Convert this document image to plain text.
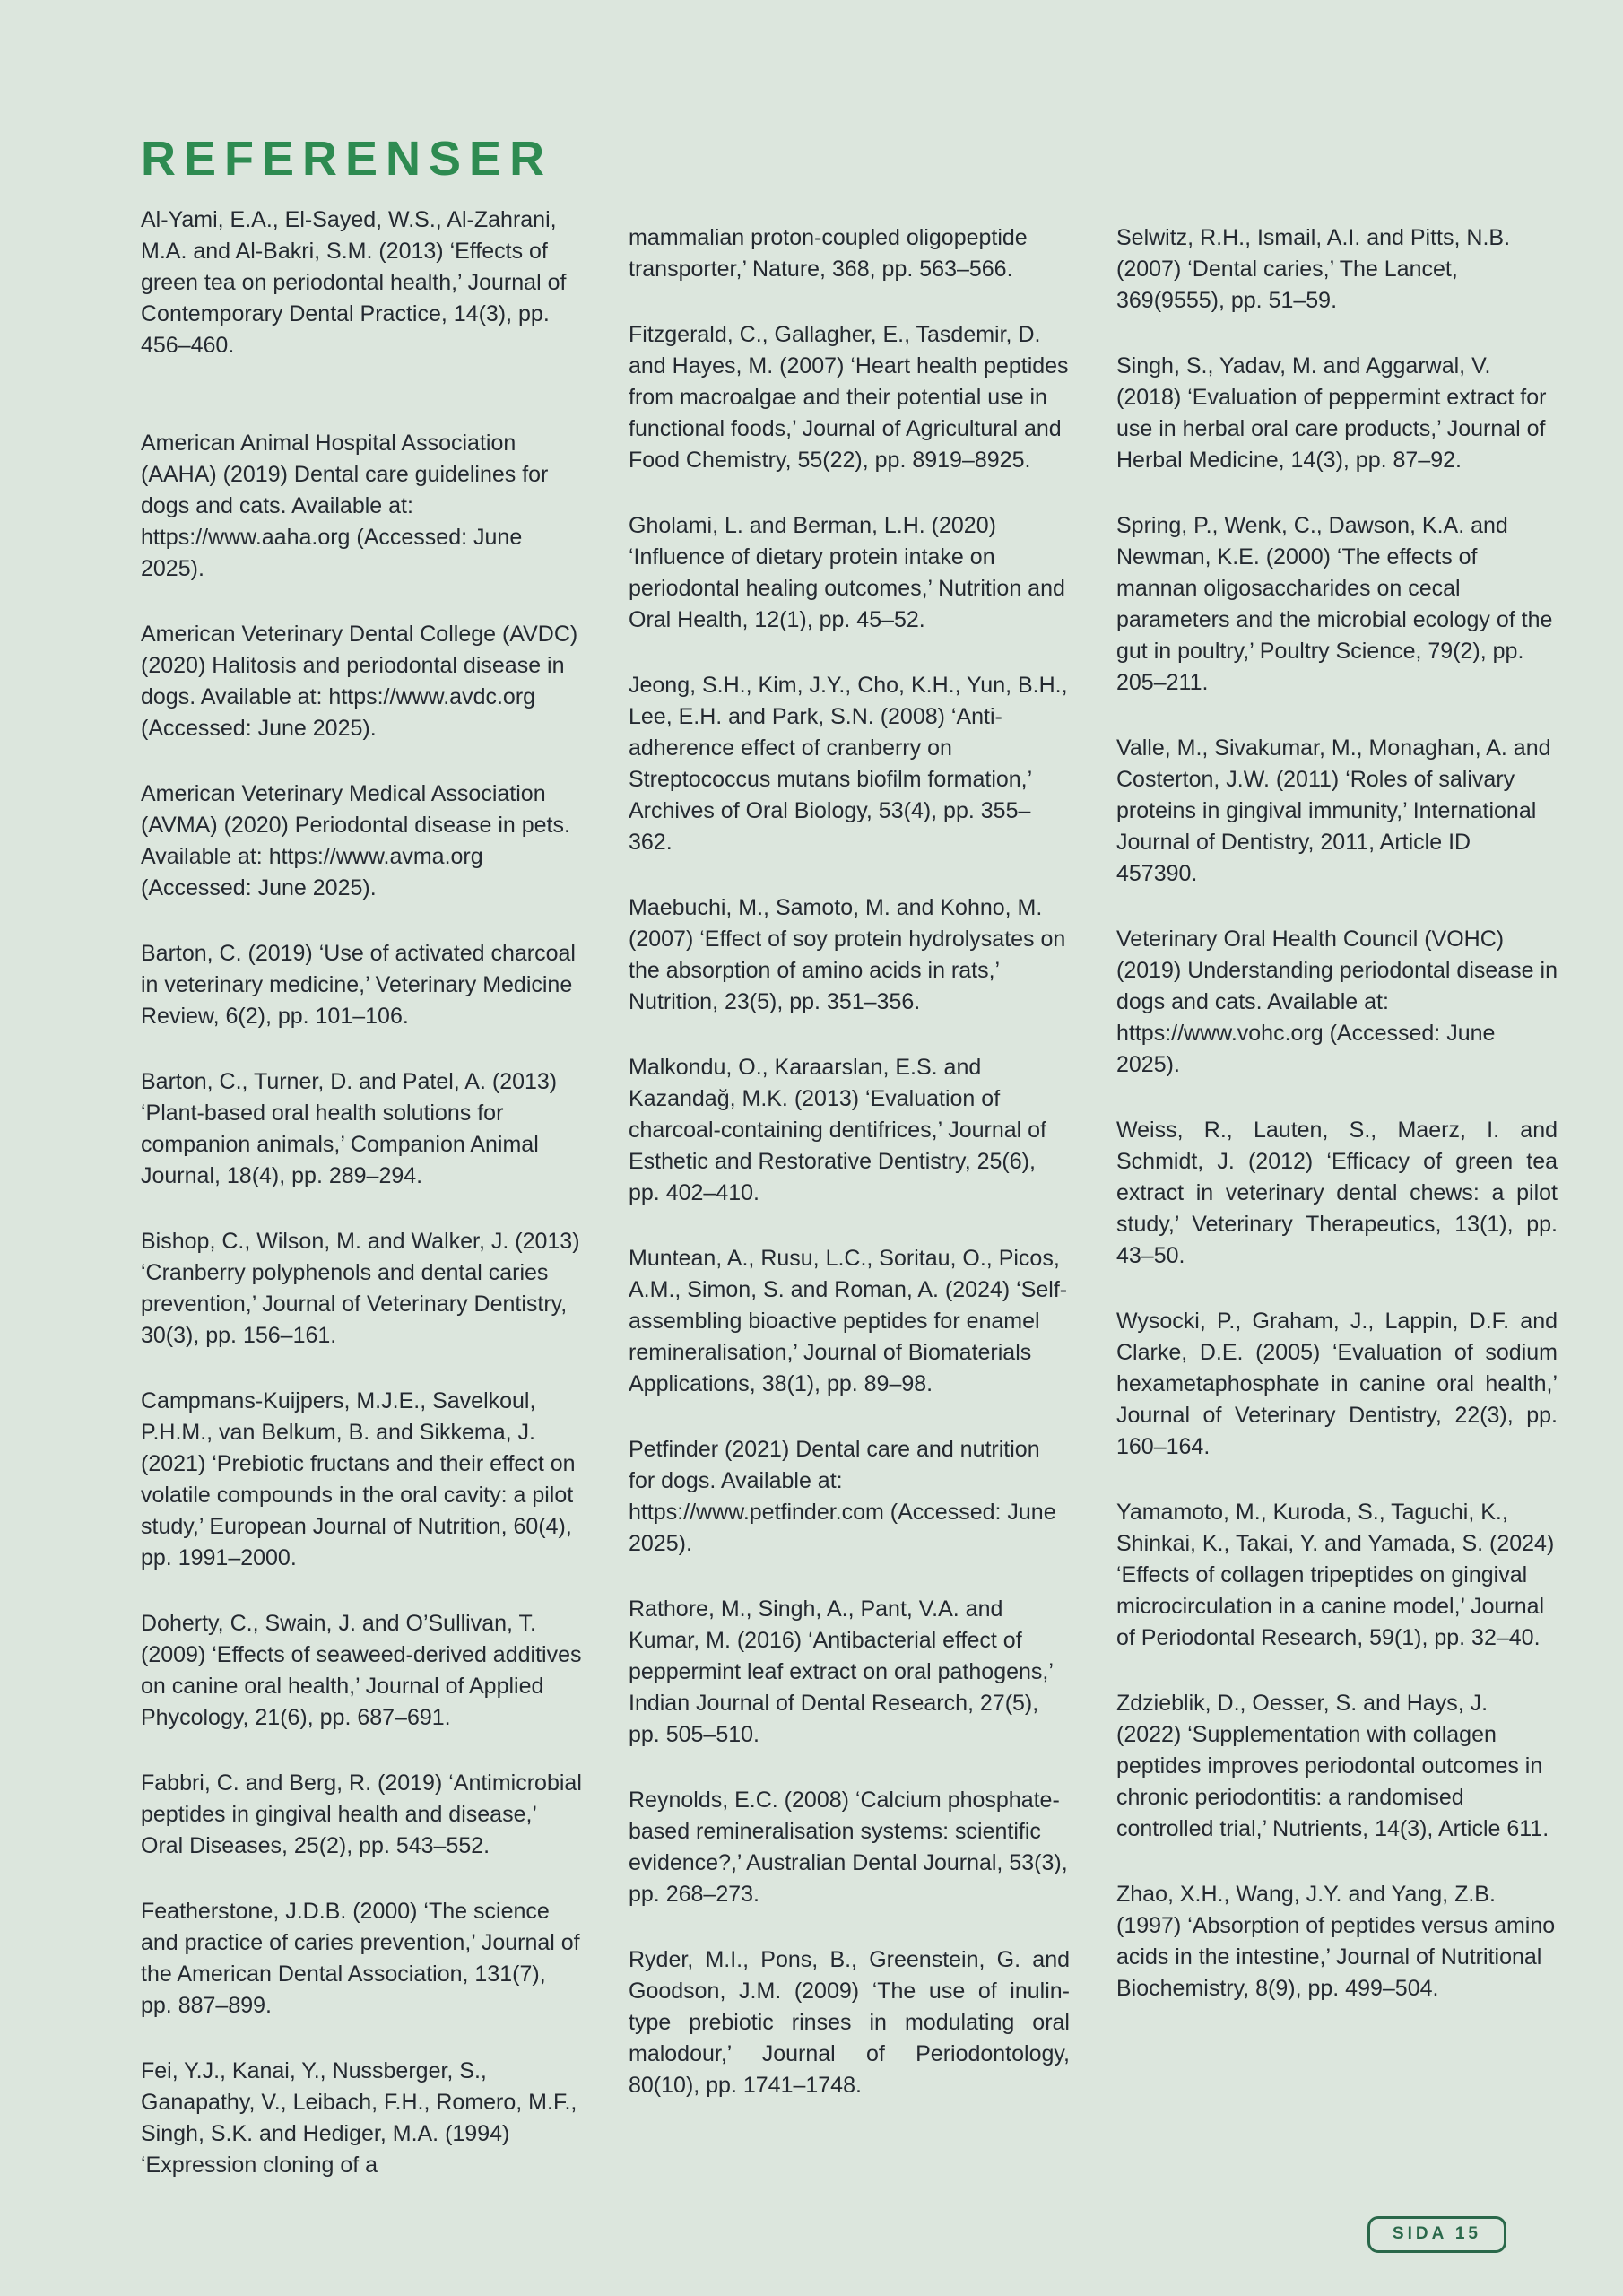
REFERENSER

Al-Yami, E.A., El-Sayed, W.S., Al-Zahrani, M.A. and Al-Bakri, S.M. (2013) ‘Effects of green tea on periodontal health,’ Journal of Contemporary Dental Practice, 14(3), pp. 456–460.

American Animal Hospital Association (AAHA) (2019) Dental care guidelines for dogs and cats. Available at: https://www.aaha.org (Accessed: June 2025).

American Veterinary Dental College (AVDC) (2020) Halitosis and periodontal disease in dogs. Available at: https://www.avdc.org (Accessed: June 2025).

American Veterinary Medical Association (AVMA) (2020) Periodontal disease in pets. Available at: https://www.avma.org (Accessed: June 2025).

Barton, C. (2019) ‘Use of activated charcoal in veterinary medicine,’ Veterinary Medicine Review, 6(2), pp. 101–106.

Barton, C., Turner, D. and Patel, A. (2013) ‘Plant-based oral health solutions for companion animals,’ Companion Animal Journal, 18(4), pp. 289–294.

Bishop, C., Wilson, M. and Walker, J. (2013) ‘Cranberry polyphenols and dental caries prevention,’ Journal of Veterinary Dentistry, 30(3), pp. 156–161.

Campmans-Kuijpers, M.J.E., Savelkoul, P.H.M., van Belkum, B. and Sikkema, J. (2021) ‘Prebiotic fructans and their effect on volatile compounds in the oral cavity: a pilot study,’ European Journal of Nutrition, 60(4), pp. 1991–2000.

Doherty, C., Swain, J. and O’Sullivan, T. (2009) ‘Effects of seaweed-derived additives on canine oral health,’ Journal of Applied Phycology, 21(6), pp. 687–691.

Fabbri, C. and Berg, R. (2019) ‘Antimicrobial peptides in gingival health and disease,’ Oral Diseases, 25(2), pp. 543–552.

Featherstone, J.D.B. (2000) ‘The science and practice of caries prevention,’ Journal of the American Dental Association, 131(7), pp. 887–899.

Fei, Y.J., Kanai, Y., Nussberger, S., Ganapathy, V., Leibach, F.H., Romero, M.F., Singh, S.K. and Hediger, M.A. (1994) ‘Expression cloning of a

mammalian proton-coupled oligopeptide transporter,’ Nature, 368, pp. 563–566.

Fitzgerald, C., Gallagher, E., Tasdemir, D. and Hayes, M. (2007) ‘Heart health peptides from macroalgae and their potential use in functional foods,’ Journal of Agricultural and Food Chemistry, 55(22), pp. 8919–8925.

Gholami, L. and Berman, L.H. (2020) ‘Influence of dietary protein intake on periodontal healing outcomes,’ Nutrition and Oral Health, 12(1), pp. 45–52.

Jeong, S.H., Kim, J.Y., Cho, K.H., Yun, B.H., Lee, E.H. and Park, S.N. (2008) ‘Anti-adherence effect of cranberry on Streptococcus mutans biofilm formation,’ Archives of Oral Biology, 53(4), pp. 355–362.

Maebuchi, M., Samoto, M. and Kohno, M. (2007) ‘Effect of soy protein hydrolysates on the absorption of amino acids in rats,’ Nutrition, 23(5), pp. 351–356.

Malkondu, O., Karaarslan, E.S. and Kazandağ, M.K. (2013) ‘Evaluation of charcoal-containing dentifrices,’ Journal of Esthetic and Restorative Dentistry, 25(6), pp. 402–410.

Muntean, A., Rusu, L.C., Soritau, O., Picos, A.M., Simon, S. and Roman, A. (2024) ‘Self-assembling bioactive peptides for enamel remineralisation,’ Journal of Biomaterials Applications, 38(1), pp. 89–98.

Petfinder (2021) Dental care and nutrition for dogs. Available at: https://www.petfinder.com (Accessed: June 2025).

Rathore, M., Singh, A., Pant, V.A. and Kumar, M. (2016) ‘Antibacterial effect of peppermint leaf extract on oral pathogens,’ Indian Journal of Dental Research, 27(5), pp. 505–510.

Reynolds, E.C. (2008) ‘Calcium phosphate-based remineralisation systems: scientific evidence?,’ Australian Dental Journal, 53(3), pp. 268–273.

Ryder, M.I., Pons, B., Greenstein, G. and Goodson, J.M. (2009) ‘The use of inulin-type prebiotic rinses in modulating oral malodour,’ Journal of Periodontology, 80(10), pp. 1741–1748.

Selwitz, R.H., Ismail, A.I. and Pitts, N.B. (2007) ‘Dental caries,’ The Lancet, 369(9555), pp. 51–59.

Singh, S., Yadav, M. and Aggarwal, V. (2018) ‘Evaluation of peppermint extract for use in herbal oral care products,’ Journal of Herbal Medicine, 14(3), pp. 87–92.

Spring, P., Wenk, C., Dawson, K.A. and Newman, K.E. (2000) ‘The effects of mannan oligosaccharides on cecal parameters and the microbial ecology of the gut in poultry,’ Poultry Science, 79(2), pp. 205–211.

Valle, M., Sivakumar, M., Monaghan, A. and Costerton, J.W. (2011) ‘Roles of salivary proteins in gingival immunity,’ International Journal of Dentistry, 2011, Article ID 457390.

Veterinary Oral Health Council (VOHC) (2019) Understanding periodontal disease in dogs and cats. Available at: https://www.vohc.org (Accessed: June 2025).

Weiss, R., Lauten, S., Maerz, I. and Schmidt, J. (2012) ‘Efficacy of green tea extract in veterinary dental chews: a pilot study,’ Veterinary Therapeutics, 13(1), pp. 43–50.

Wysocki, P., Graham, J., Lappin, D.F. and Clarke, D.E. (2005) ‘Evaluation of sodium hexametaphosphate in canine oral health,’ Journal of Veterinary Dentistry, 22(3), pp. 160–164.

Yamamoto, M., Kuroda, S., Taguchi, K., Shinkai, K., Takai, Y. and Yamada, S. (2024) ‘Effects of collagen tripeptides on gingival microcirculation in a canine model,’ Journal of Periodontal Research, 59(1), pp. 32–40.

Zdzieblik, D., Oesser, S. and Hays, J. (2022) ‘Supplementation with collagen peptides improves periodontal outcomes in chronic periodontitis: a randomised controlled trial,’ Nutrients, 14(3), Article 611.

Zhao, X.H., Wang, J.Y. and Yang, Z.B. (1997) ‘Absorption of peptides versus amino acids in the intestine,’ Journal of Nutritional Biochemistry, 8(9), pp. 499–504.

SIDA 15
